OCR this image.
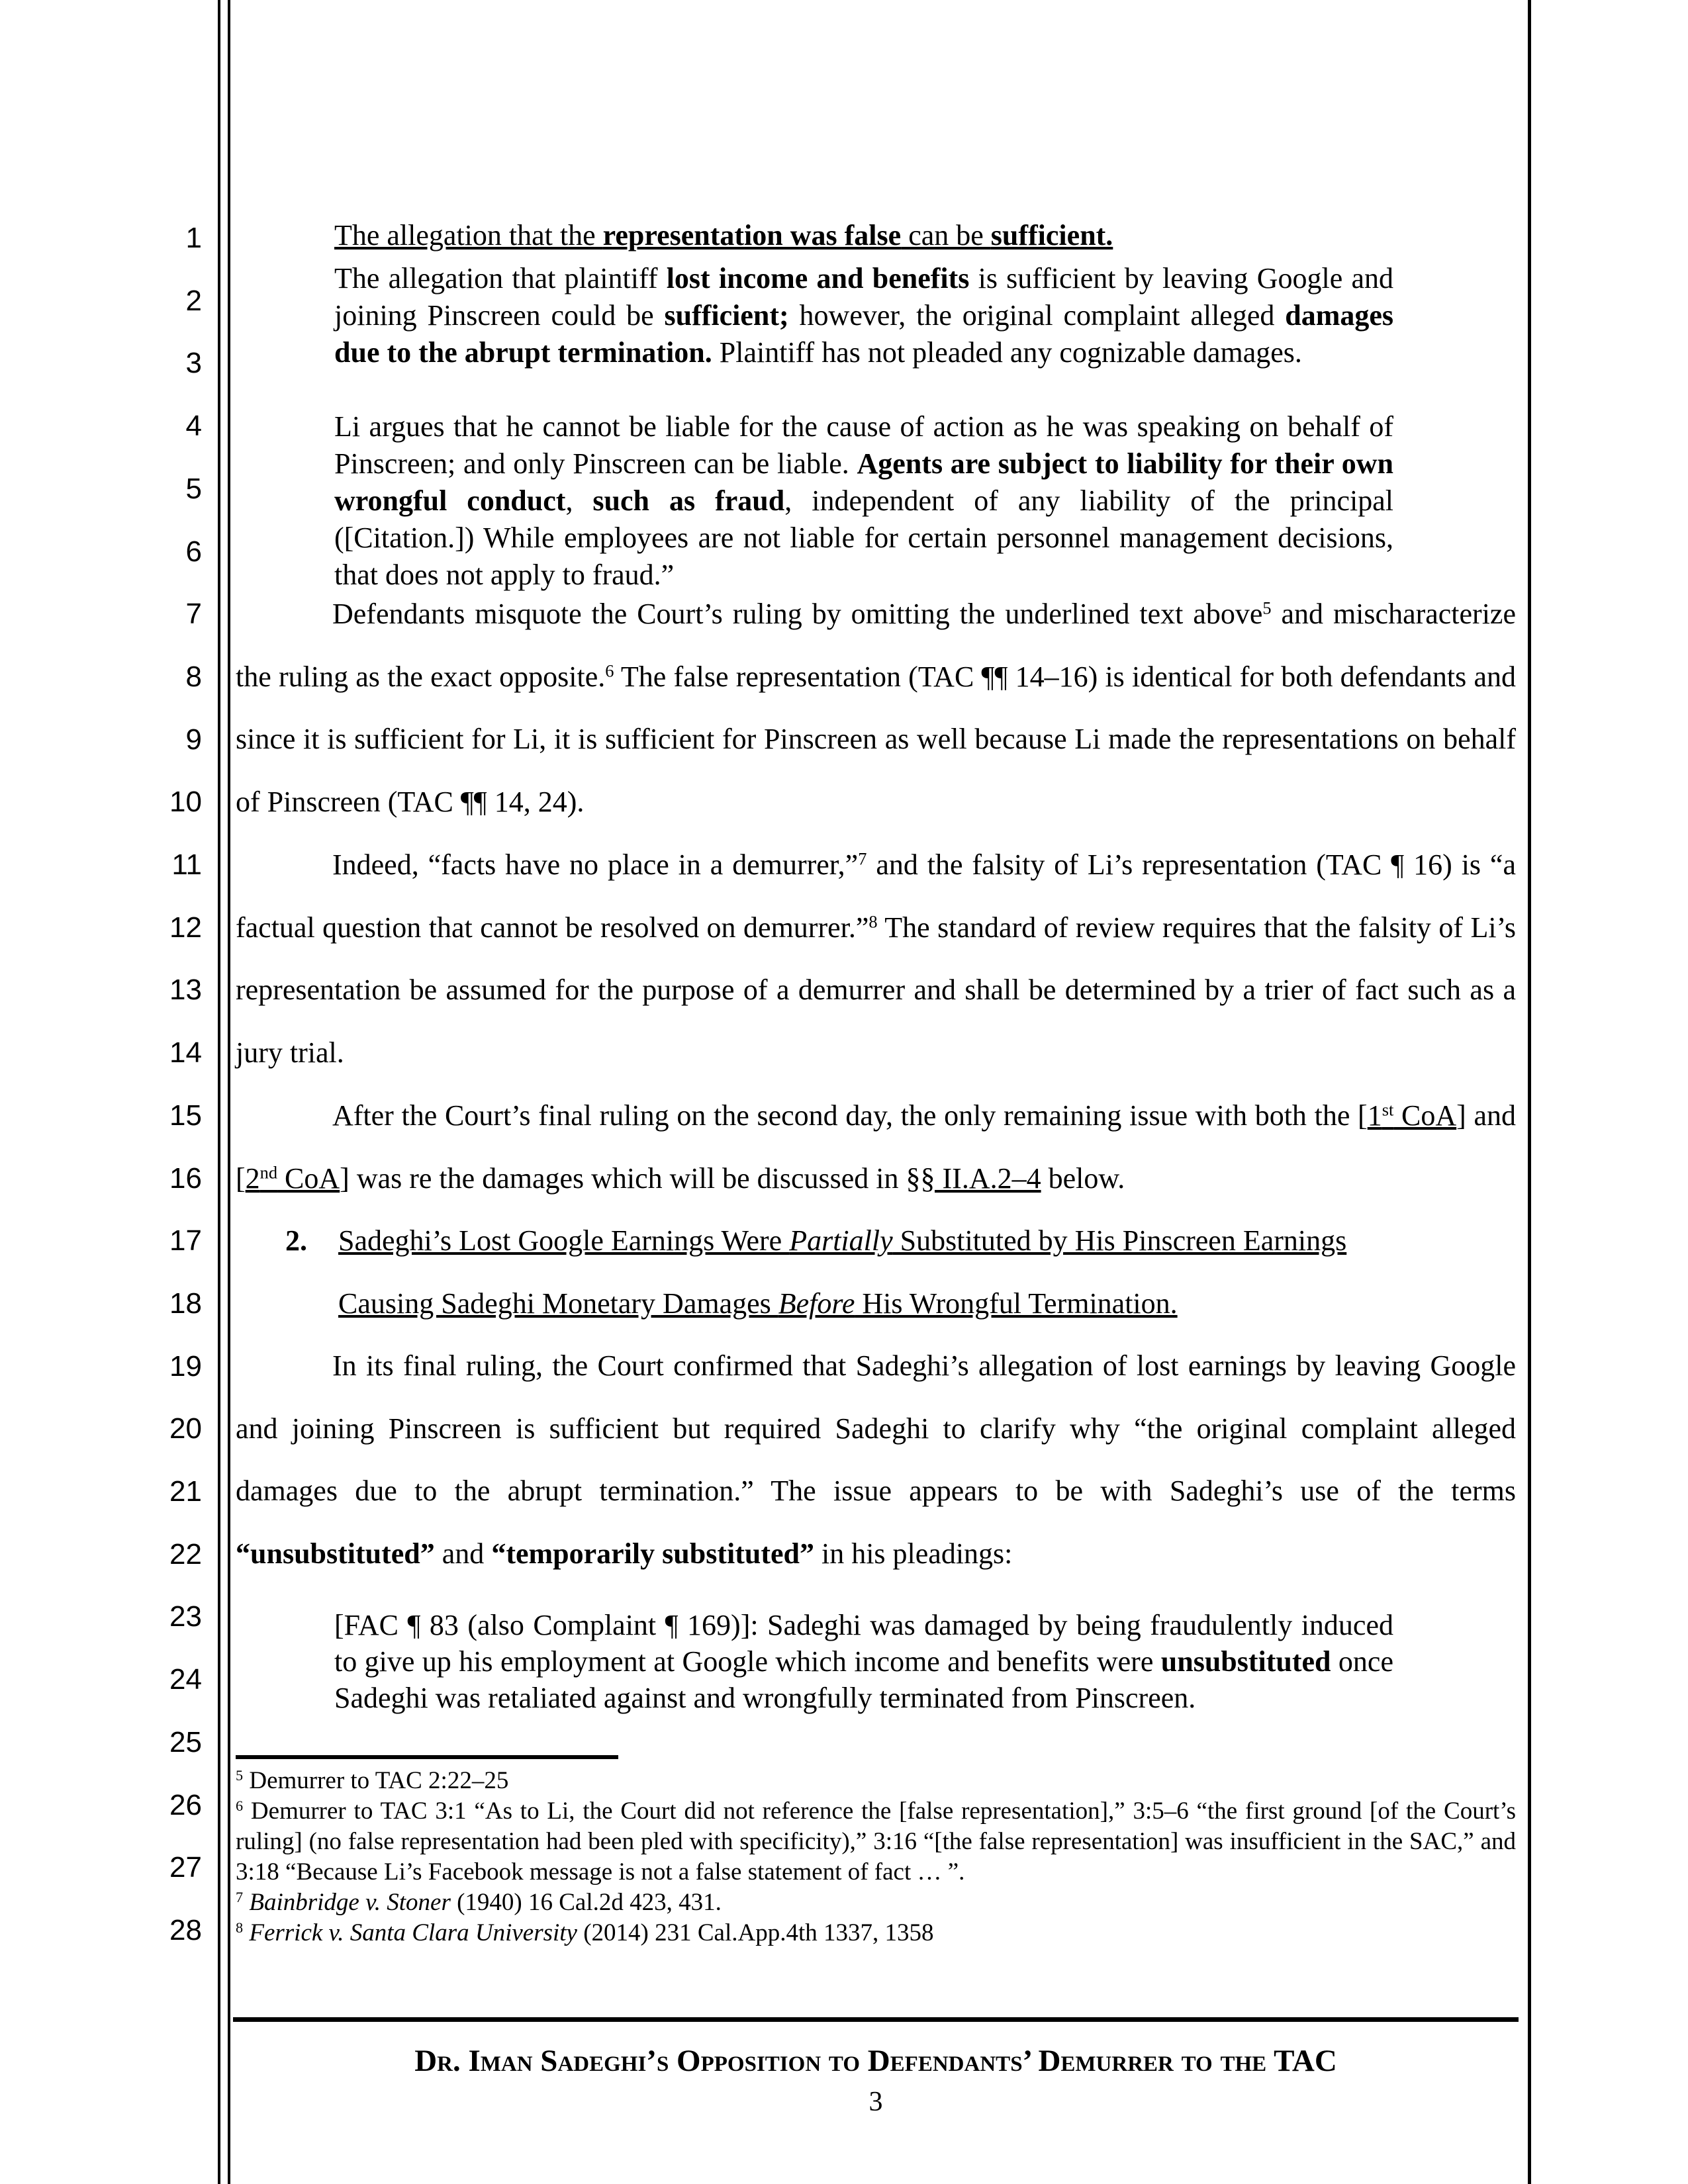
1
2
3
4
5
6
7
8
9
10
11
12
13
14
15
16
17
18
19
20
21
22
23
24
25
26
27
28
The allegation that the representation was false can be sufficient.
The allegation that plaintiff lost income and benefits is sufficient by leaving Google and joining Pinscreen could be sufficient; however, the original complaint alleged damages due to the abrupt termination. Plaintiff has not pleaded any cognizable damages.
Li argues that he cannot be liable for the cause of action as he was speaking on behalf of Pinscreen; and only Pinscreen can be liable. Agents are subject to liability for their own wrongful conduct, such as fraud, independent of any liability of the principal ([Citation.]) While employees are not liable for certain personnel management decisions, that does not apply to fraud.”
Defendants misquote the Court’s ruling by omitting the underlined text above$^5$ and mischaracterize the ruling as the exact opposite.$^6$ The false representation (TAC ¶¶ 14–16) is identical for both defendants and since it is sufficient for Li, it is sufficient for Pinscreen as well because Li made the representations on behalf of Pinscreen (TAC ¶¶ 14, 24).
Indeed, “facts have no place in a demurrer,”$^7$ and the falsity of Li’s representation (TAC ¶ 16) is “a factual question that cannot be resolved on demurrer.”$^8$ The standard of review requires that the falsity of Li’s representation be assumed for the purpose of a demurrer and shall be determined by a trier of fact such as a jury trial.
After the Court’s final ruling on the second day, the only remaining issue with both the [1st CoA] and [2nd CoA] was re the damages which will be discussed in §§ II.A.2–4 below.
2.	Sadeghi’s Lost Google Earnings Were Partially Substituted by His Pinscreen Earnings
Causing Sadeghi Monetary Damages Before His Wrongful Termination.
In its final ruling, the Court confirmed that Sadeghi’s allegation of lost earnings by leaving Google and joining Pinscreen is sufficient but required Sadeghi to clarify why “the original complaint alleged damages due to the abrupt termination.” The issue appears to be with Sadeghi’s use of the terms “unsubstituted” and “temporarily substituted” in his pleadings:
[FAC ¶ 83 (also Complaint ¶ 169)]: Sadeghi was damaged by being fraudulently induced to give up his employment at Google which income and benefits were unsubstituted once Sadeghi was retaliated against and wrongfully terminated from Pinscreen.
$^5$ Demurrer to TAC 2:22–25
$^6$ Demurrer to TAC 3:1 “As to Li, the Court did not reference the [false representation],” 3:5–6 “the first ground [of the Court’s ruling] (no false representation had been pled with specificity),” 3:16 “[the false representation] was insufficient in the SAC,” and 3:18 “Because Li’s Facebook message is not a false statement of fact … ”.
$^7$ Bainbridge v. Stoner (1940) 16 Cal.2d 423, 431.
$^8$ Ferrick v. Santa Clara University (2014) 231 Cal.App.4th 1337, 1358
Dr. Iman Sadeghi’s Opposition to Defendants’ Demurrer to the TAC
3
